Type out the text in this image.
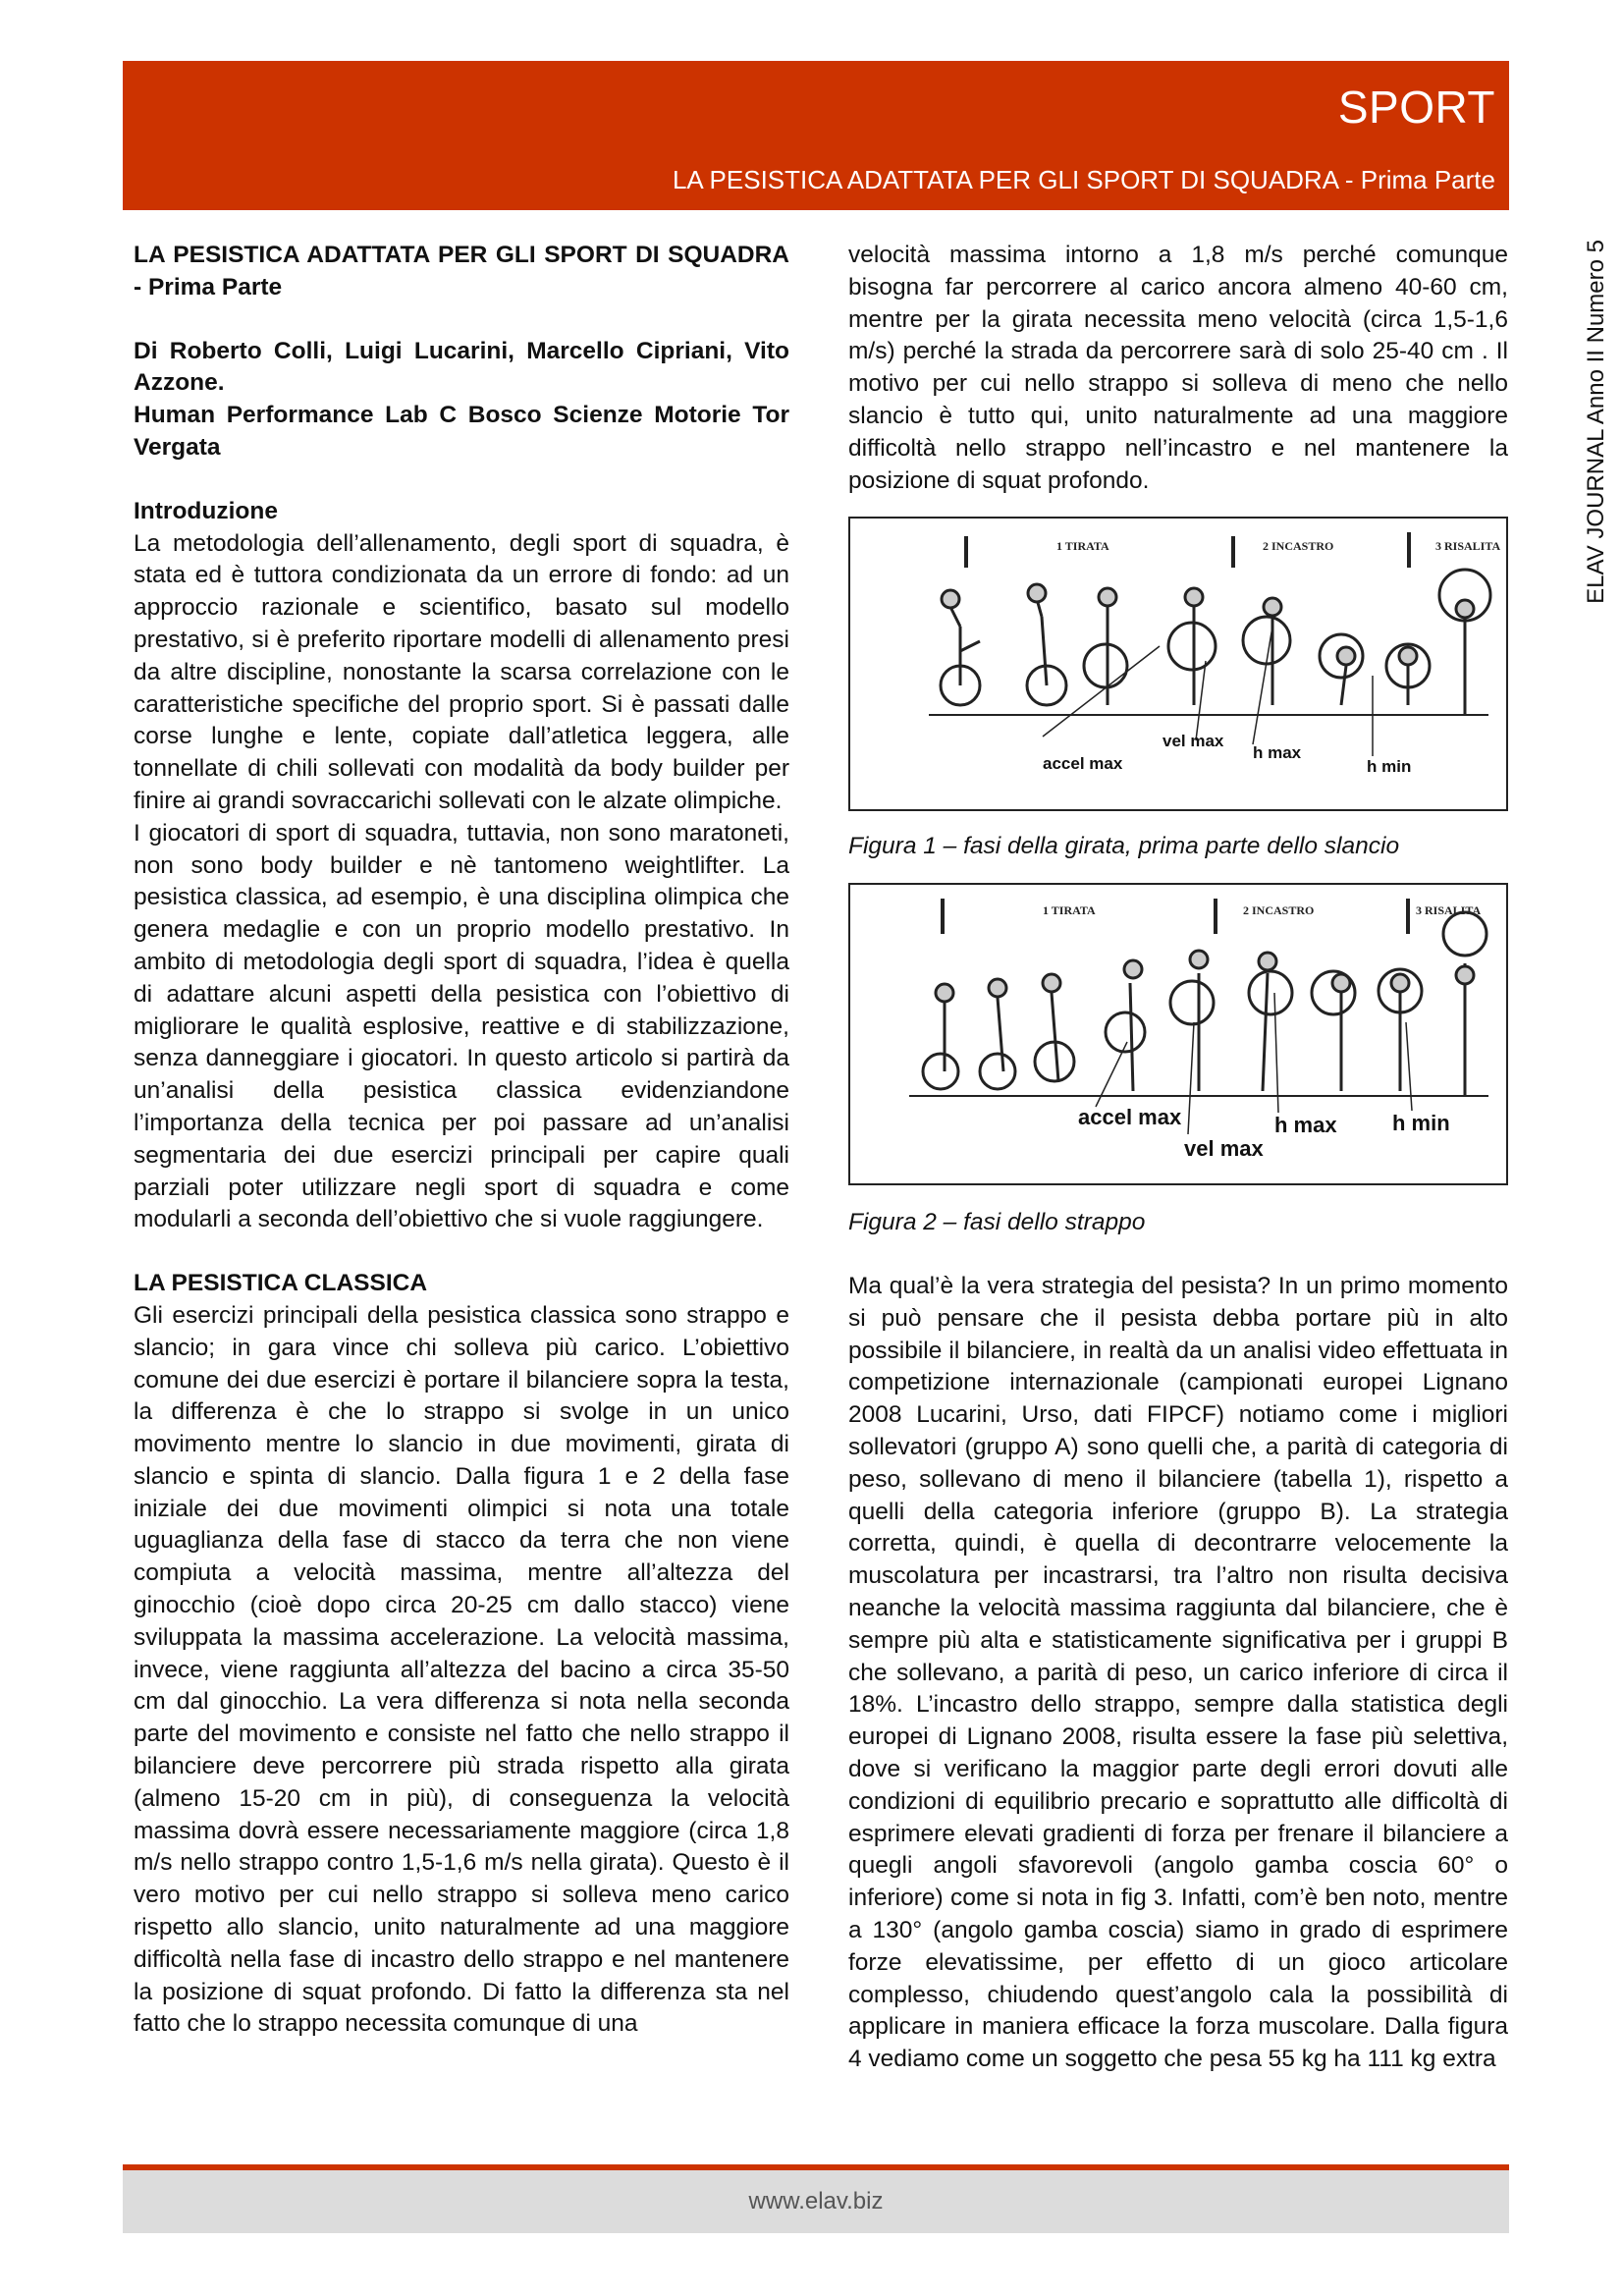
SPORT
LA PESISTICA ADATTATA PER GLI SPORT DI SQUADRA - Prima Parte
ELAV JOURNAL Anno II Numero 5

LA PESISTICA ADATTATA PER GLI SPORT DI SQUADRA - Prima Parte

Di Roberto Colli, Luigi Lucarini, Marcello Cipriani, Vito Azzone.

Human Performance Lab C Bosco Scienze Motorie Tor Vergata

Introduzione

La metodologia dell’allenamento, degli sport di squadra, è stata ed è tuttora condizionata da un errore di fondo: ad un approccio razionale e scientifico, basato sul modello prestativo, si è preferito riportare modelli di allenamento presi da altre discipline, nonostante la scarsa correlazione con le caratteristiche specifiche del proprio sport. Si è passati dalle corse lunghe e lente, copiate dall’atletica leggera, alle tonnellate di chili sollevati con modalità da body builder per finire ai grandi sovraccarichi sollevati con le alzate olimpiche.

I giocatori di sport di squadra, tuttavia, non sono maratoneti, non sono body builder e nè tantomeno weightlifter. La pesistica classica, ad esempio, è una disciplina olimpica che genera medaglie e con un proprio modello prestativo. In ambito di metodologia degli sport di squadra, l’idea è quella di adattare alcuni aspetti della pesistica con l’obiettivo di migliorare le qualità esplosive, reattive e di stabilizzazione, senza danneggiare i giocatori. In questo articolo si partirà da un’analisi della pesistica classica evidenziandone l’importanza della tecnica per poi passare ad un’analisi segmentaria dei due esercizi principali per capire quali parziali poter utilizzare negli sport di squadra e come modularli a seconda dell’obiettivo che si vuole raggiungere.

LA PESISTICA CLASSICA

Gli esercizi principali della pesistica classica sono strappo e slancio; in gara vince chi solleva più carico. L’obiettivo comune dei due esercizi è portare il bilanciere sopra la testa, la differenza è che lo strappo si svolge in un unico movimento mentre lo slancio in due movimenti, girata di slancio e spinta di slancio. Dalla figura 1 e 2 della fase iniziale dei due movimenti olimpici si nota una totale uguaglianza della fase di stacco da terra che non viene compiuta a velocità massima, mentre all’altezza del ginocchio (cioè dopo circa 20-25 cm dallo stacco) viene sviluppata la massima accelerazione. La velocità massima, invece, viene raggiunta all’altezza del bacino a circa 35-50 cm dal ginocchio. La vera differenza si nota nella seconda parte del movimento e consiste nel fatto che nello strappo il bilanciere deve percorrere più strada rispetto alla girata (almeno 15-20 cm in più), di conseguenza la velocità massima dovrà essere necessariamente maggiore (circa 1,8 m/s nello strappo contro 1,5-1,6 m/s nella girata). Questo è il vero motivo per cui nello strappo si solleva meno carico rispetto allo slancio, unito naturalmente ad una maggiore difficoltà nella fase di incastro dello strappo e nel mantenere la posizione di squat profondo. Di fatto la differenza sta nel fatto che lo strappo necessita comunque di una

velocità massima intorno a 1,8 m/s perché comunque bisogna far percorrere al carico ancora almeno 40-60 cm, mentre per la girata necessita meno velocità (circa 1,5-1,6 m/s) perché la strada da percorrere sarà di solo 25-40 cm . Il motivo per cui nello strappo si solleva di meno che nello slancio è tutto qui, unito naturalmente ad una maggiore difficoltà nello strappo nell’incastro e nel mantenere la posizione di squat profondo.

1 TIRATA	2 INCASTRO	3 RISALITA
accel max
vel max
h max
h min

Figura 1 – fasi della girata, prima parte dello slancio

1 TIRATA	2 INCASTRO	3 RISALITA
accel max
vel max
h max	h min

Figura 2 – fasi dello strappo

Ma qual’è la vera strategia del pesista? In un primo momento si può pensare che il pesista debba portare più in alto possibile il bilanciere, in realtà da un analisi video effettuata in competizione internazionale (campionati europei Lignano 2008 Lucarini, Urso, dati FIPCF) notiamo come i migliori sollevatori (gruppo A) sono quelli che, a parità di categoria di peso, sollevano di meno il bilanciere (tabella 1), rispetto a quelli della categoria inferiore (gruppo B). La strategia corretta, quindi, è quella di decontrarre velocemente la muscolatura per incastrarsi, tra l’altro non risulta decisiva neanche la velocità massima raggiunta dal bilanciere, che è sempre più alta e statisticamente significativa per i gruppi B che sollevano, a parità di peso, un carico inferiore di circa il 18%. L’incastro dello strappo, sempre dalla statistica degli europei di Lignano 2008, risulta essere la fase più selettiva, dove si verificano la maggior parte degli errori dovuti alle condizioni di equilibrio precario e soprattutto alle difficoltà di esprimere elevati gradienti di forza per frenare il bilanciere a quegli angoli sfavorevoli (angolo gamba coscia 60° o inferiore) come si nota in fig 3. Infatti, com’è ben noto, mentre a 130° (angolo gamba coscia) siamo in grado di esprimere forze elevatissime, per effetto di un gioco articolare complesso, chiudendo quest’angolo cala la possibilità di applicare in maniera efficace la forza muscolare. Dalla figura 4 vediamo come un soggetto che pesa 55 kg ha 111 kg extra

www.elav.biz
